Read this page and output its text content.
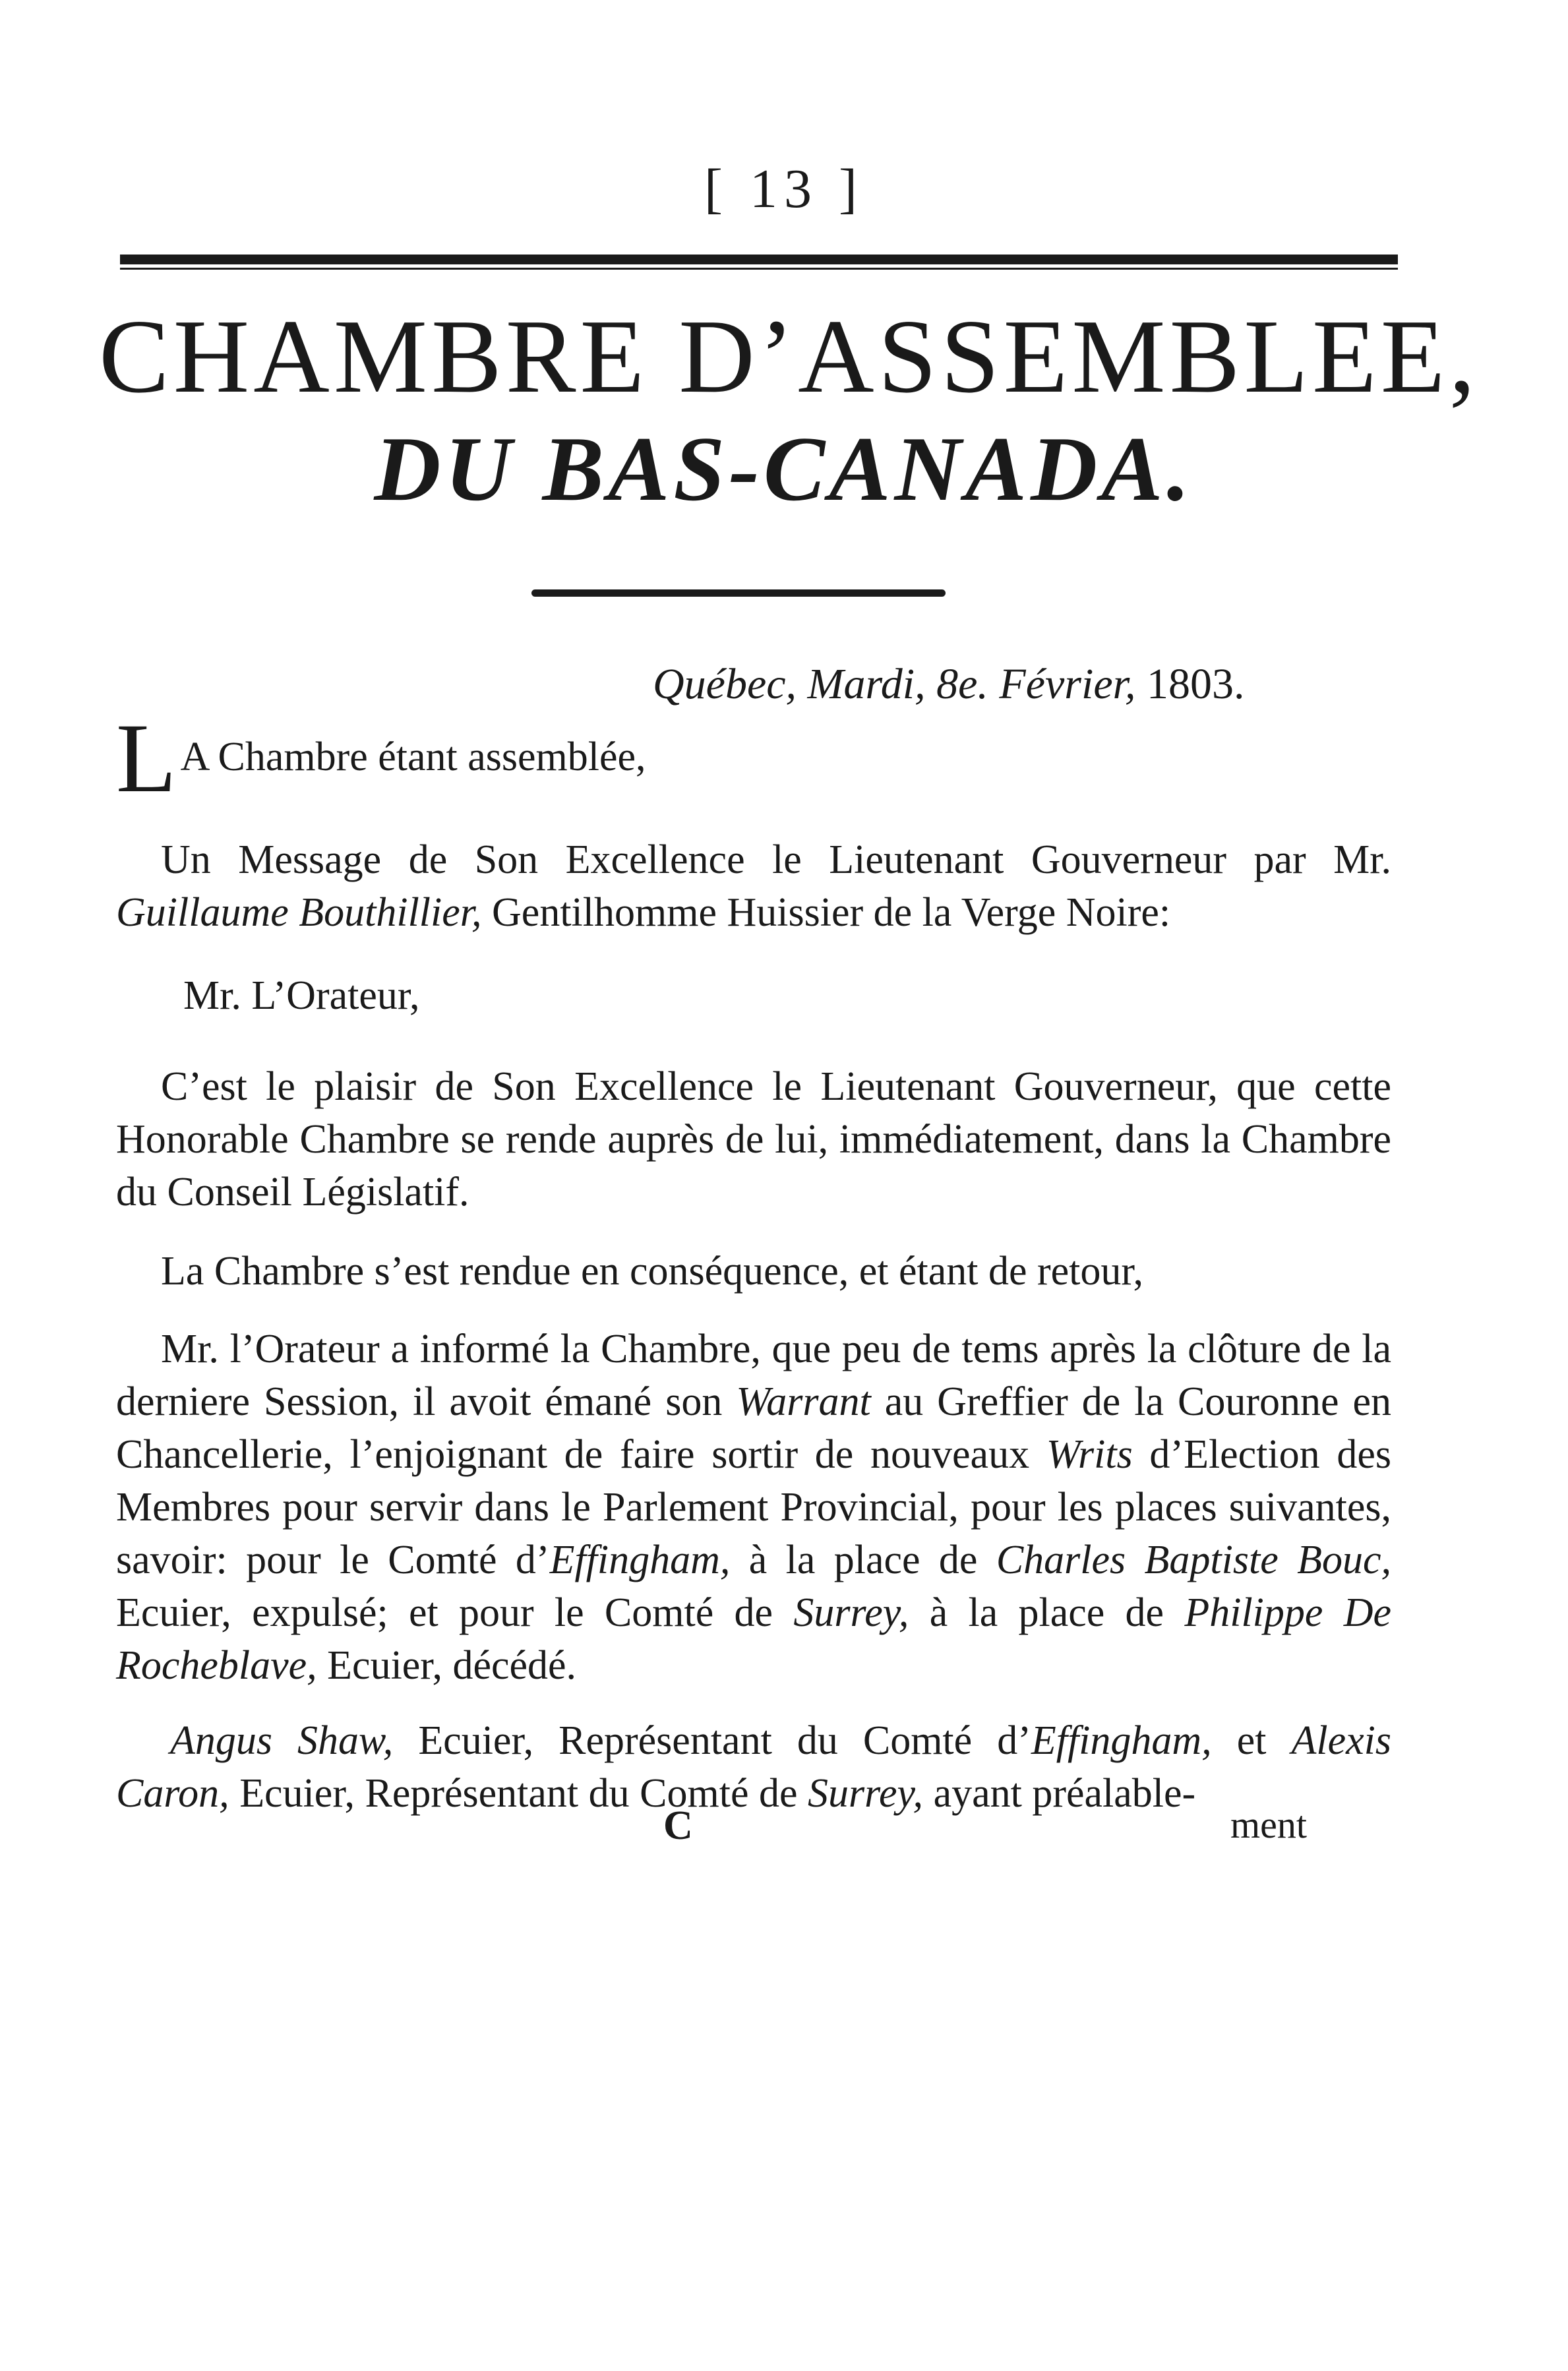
[ 13 ]
CHAMBRE D’ASSEMBLEE,
DU BAS-CANADA.
Québec, Mardi, 8e. Février, 1803.
L A Chambre étant assemblée,
Un Message de Son Excellence le Lieutenant Gouverneur par Mr. Guillaume Bouthillier, Gentilhomme Huissier de la Verge Noire:
Mr. L’Orateur,
C’est le plaisir de Son Excellence le Lieutenant Gouverneur, que cette Honorable Chambre se rende auprès de lui, immédiatement, dans la Chambre du Conseil Législatif.
La Chambre s’est rendue en conséquence, et étant de retour,
Mr. l’Orateur a informé la Chambre, que peu de tems après la clôture de la derniere Session, il avoit émané son Warrant au Greffier de la Couronne en Chancellerie, l’enjoignant de faire sortir de nouveaux Writs d’Election des Membres pour servir dans le Parlement Provincial, pour les places suivantes, savoir: pour le Comté d’Effingham, à la place de Charles Baptiste Bouc, Ecuier, expulsé; et pour le Comté de Surrey, à la place de Philippe De Rocheblave, Ecuier, décédé.
Angus Shaw, Ecuier, Représentant du Comté d’Effingham, et Alexis Caron, Ecuier, Représentant du Comté de Surrey, ayant préalable-
C	ment
